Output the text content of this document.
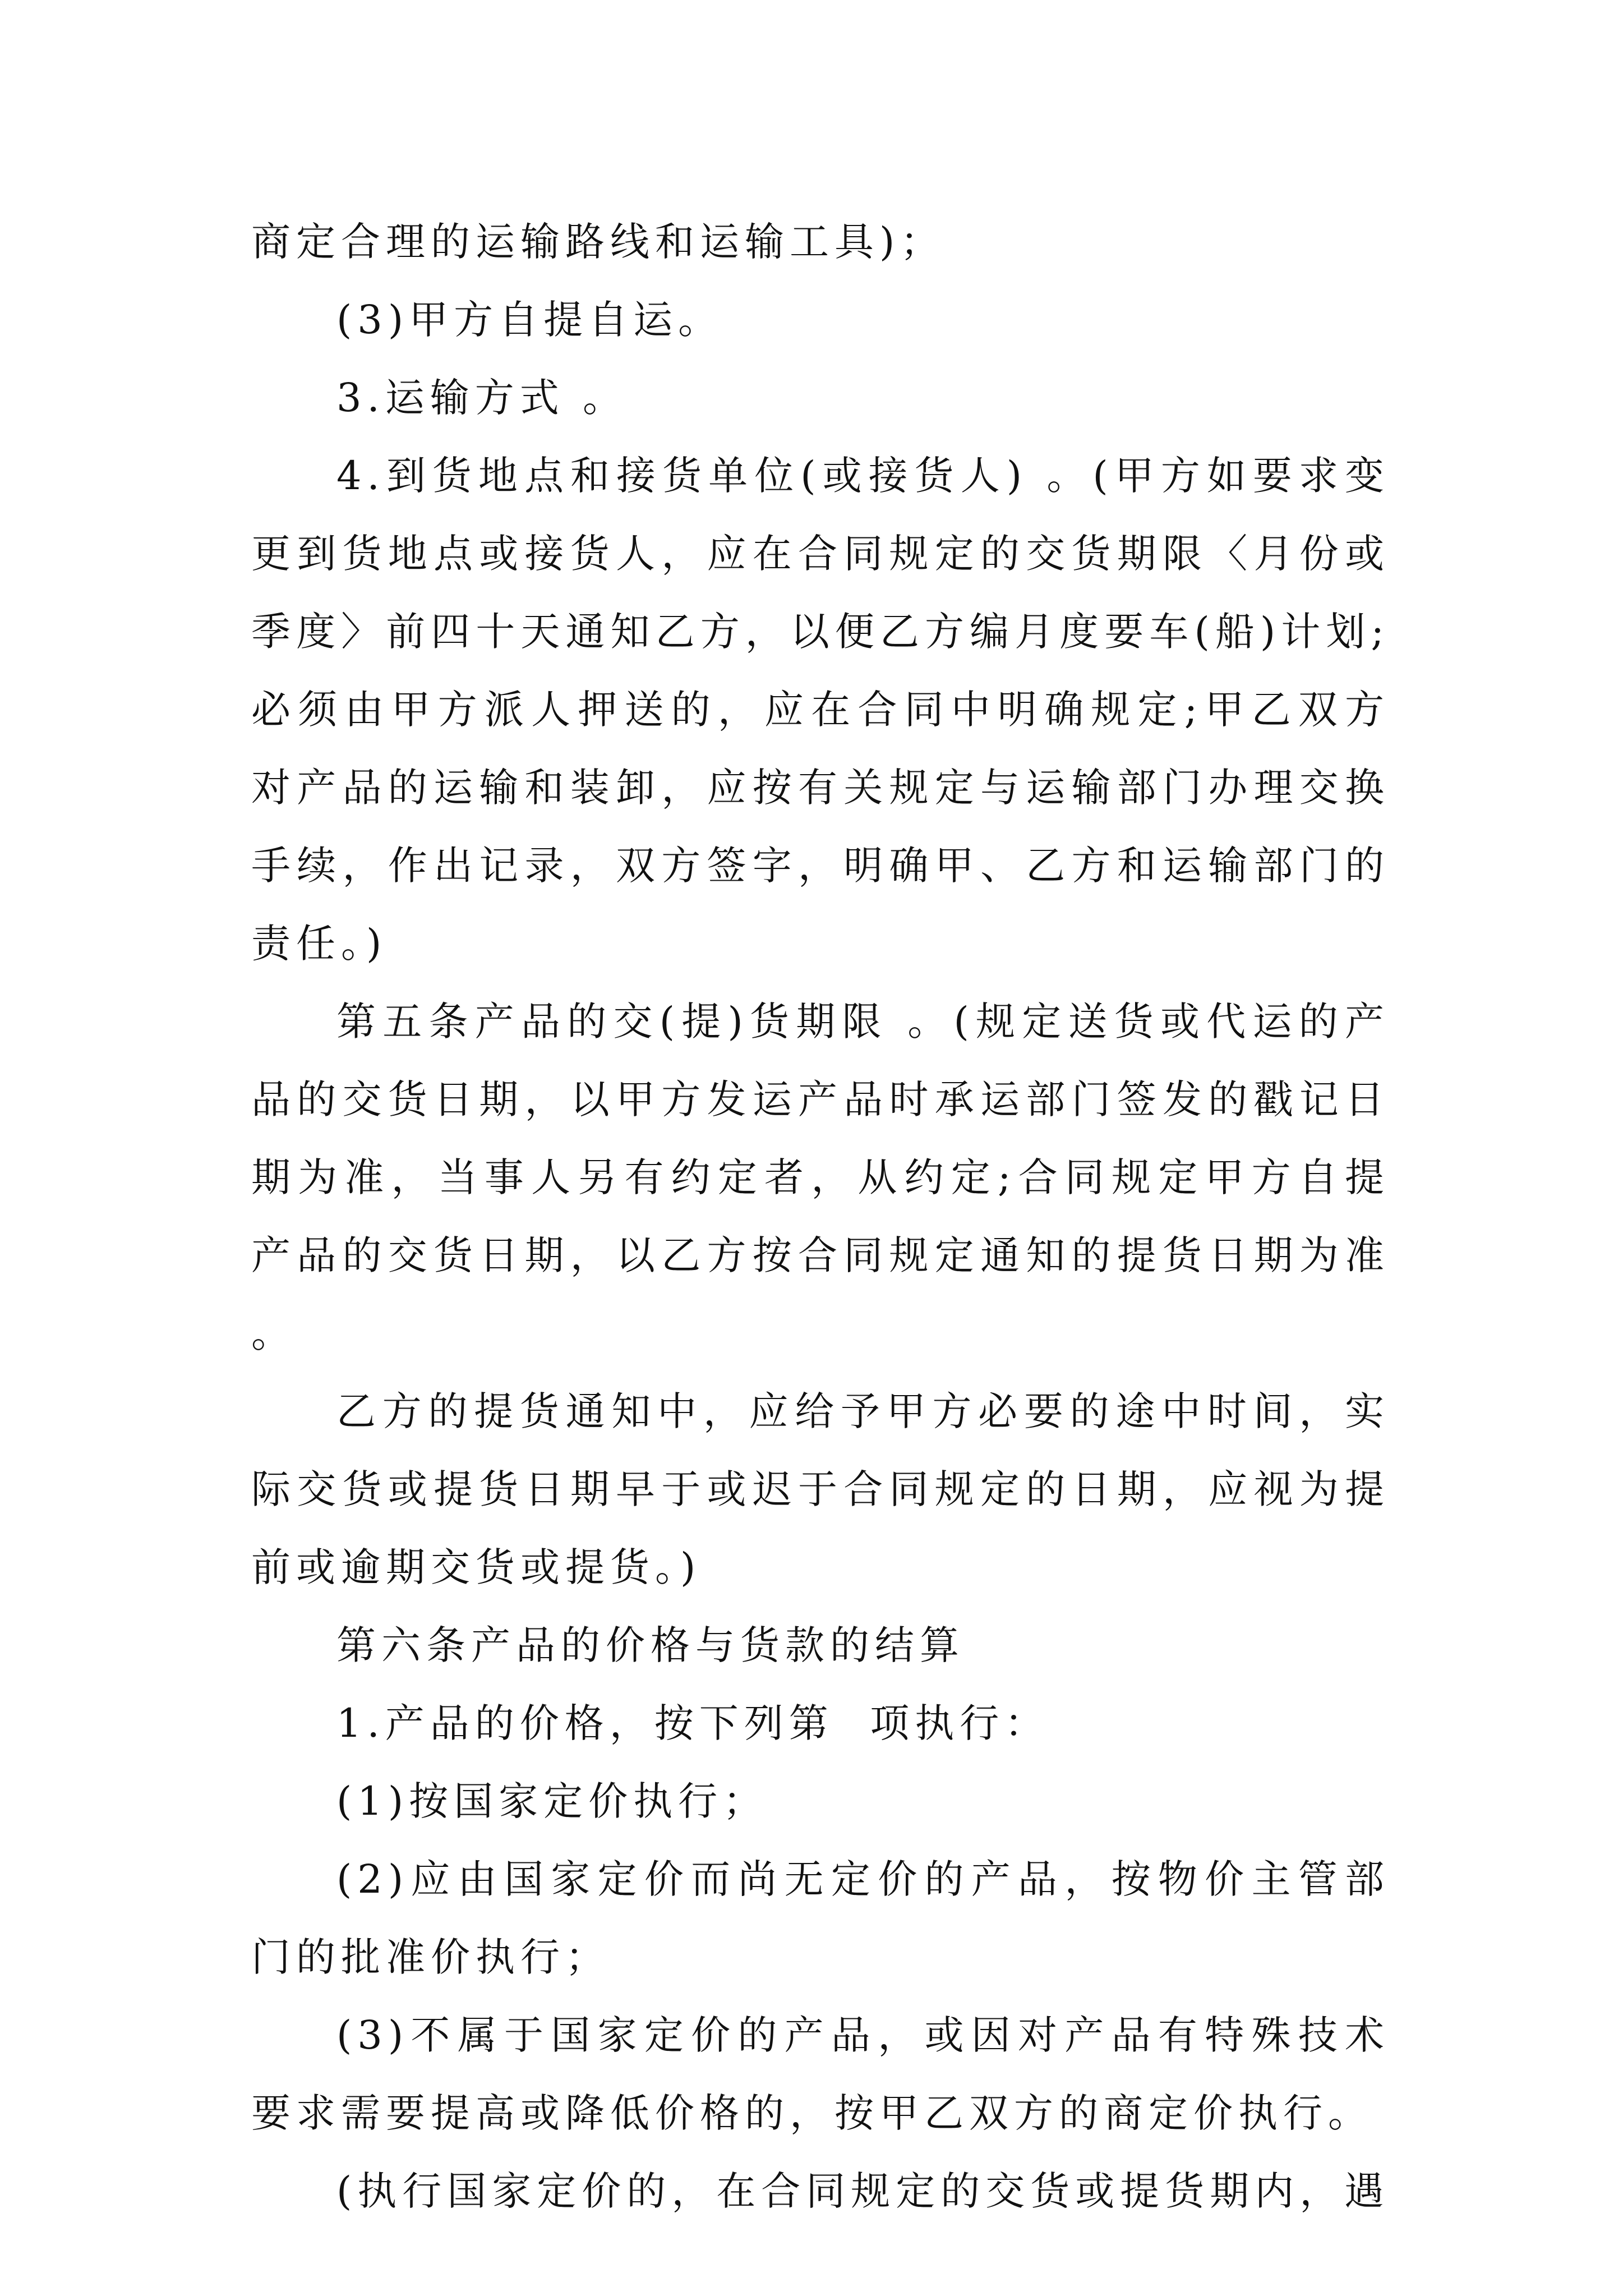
商定合理的运输路线和运输工具)；

(3)甲方自提自运。

3.运输方式 。

4.到货地点和接货单位(或接货人) 。(甲方如要求变更到货地点或接货人，应在合同规定的交货期限〈月份或季度〉前四十天通知乙方，以便乙方编月度要车(船)计划;必须由甲方派人押送的，应在合同中明确规定;甲乙双方对产品的运输和装卸，应按有关规定与运输部门办理交换手续，作出记录，双方签字，明确甲、乙方和运输部门的责任。)

第五条产品的交(提)货期限 。(规定送货或代运的产品的交货日期，以甲方发运产品时承运部门签发的戳记日期为准，当事人另有约定者，从约定;合同规定甲方自提产品的交货日期，以乙方按合同规定通知的提货日期为准。

乙方的提货通知中，应给予甲方必要的途中时间，实际交货或提货日期早于或迟于合同规定的日期，应视为提前或逾期交货或提货。)

第六条产品的价格与货款的结算

1.产品的价格，按下列第  项执行：

(1)按国家定价执行；

(2)应由国家定价而尚无定价的产品，按物价主管部门的批准价执行；

(3)不属于国家定价的产品，或因对产品有特殊技术要求需要提高或降低价格的，按甲乙双方的商定价执行。

(执行国家定价的，在合同规定的交货或提货期内，遇
